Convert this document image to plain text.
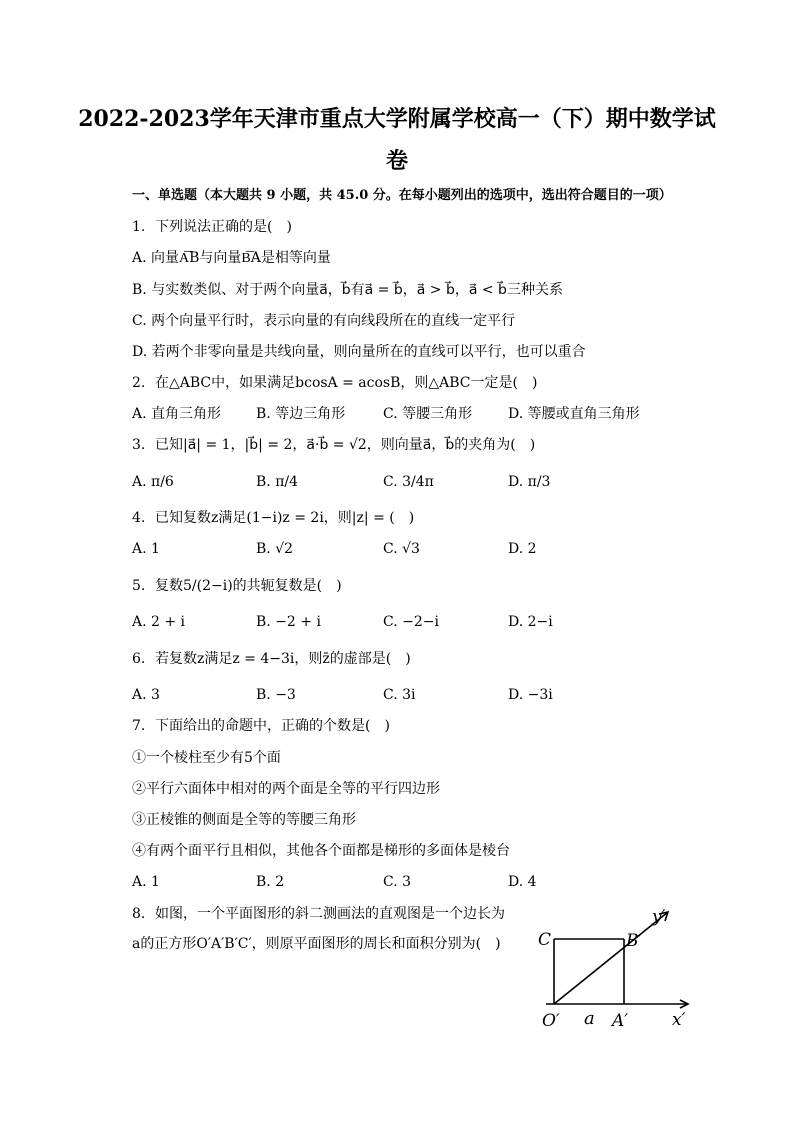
2022-2023学年天津市重点大学附属学校高一（下）期中数学试
卷
一、单选题（本大题共 9 小题，共 45.0 分。在每小题列出的选项中，选出符合题目的一项）
1. 下列说法正确的是(　)
A. 向量A͞B与向量B͞A是相等向量
B. 与实数类似、对于两个向量a⃗，b⃗有a⃗ = b⃗，a⃗ > b⃗，a⃗ < b⃗三种关系
C. 两个向量平行时，表示向量的有向线段所在的直线一定平行
D. 若两个非零向量是共线向量，则向量所在的直线可以平行，也可以重合
2. 在△ABC中，如果满足bcosA = acosB，则△ABC一定是(　)
A. 直角三角形 B. 等边三角形	C. 等腰三角形	D. 等腰或直角三角形
3. 已知|a⃗| = 1，|b⃗| = 2，a⃗·b⃗ = √2，则向量a⃗，b⃗的夹角为(　)
A. π/6	B. π/4	C. 3/4π	D. π/3
4. 已知复数z满足(1−i)z = 2i，则|z| = (　)
A. 1	B. √2	C. √3	D. 2
5. 复数5/(2−i)的共轭复数是(　)
A. 2 + i	B. −2 + i	C. −2−i	D. 2−i
6. 若复数z满足z = 4−3i，则z̄的虚部是(　)
A. 3	B. −3	C. 3i	D. −3i
7. 下面给出的命题中，正确的个数是(　)
①一个棱柱至少有5个面
②平行六面体中相对的两个面是全等的平行四边形
③正棱锥的侧面是全等的等腰三角形
④有两个面平行且相似，其他各个面都是梯形的多面体是棱台
A. 1	B. 2	C. 3	D. 4
8. 如图，一个平面图形的斜二测画法的直观图是一个边长为
a的正方形O′A′B′C′，则原平面图形的周长和面积分别为(　) C	B′
y′
O′ a A′	x′
